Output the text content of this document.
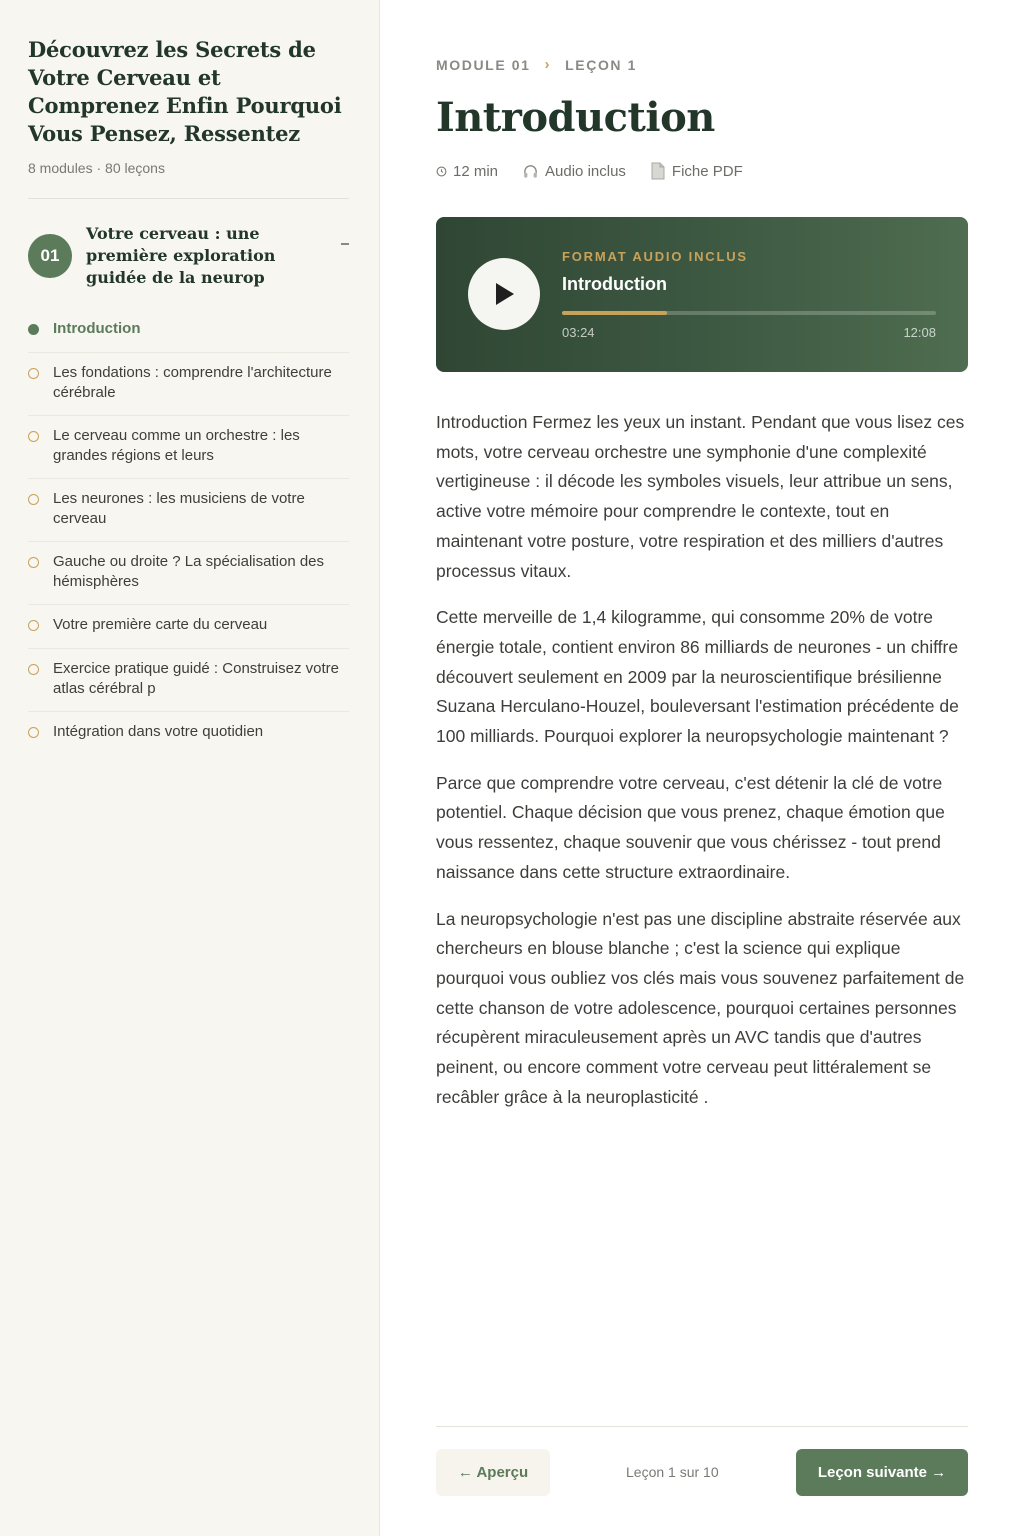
Découvrez les Secrets de Votre Cerveau et Comprenez Enfin Pourquoi Vous Pensez, Ressentez
8 modules · 80 leçons
01
Votre cerveau : une première exploration guidée de la neurop
Introduction
Les fondations : comprendre l'architecture cérébrale
Le cerveau comme un orchestre : les grandes régions et leurs
Les neurones : les musiciens de votre cerveau
Gauche ou droite ? La spécialisation des hémisphères
Votre première carte du cerveau
Exercice pratique guidé : Construisez votre atlas cérébral p
Intégration dans votre quotidien
MODULE 01 › LEÇON 1
Introduction
12 min	Audio inclus	Fiche PDF
FORMAT AUDIO INCLUS
Introduction
03:24	12:08

Introduction Fermez les yeux un instant. Pendant que vous lisez ces mots, votre cerveau orchestre une symphonie d'une complexité vertigineuse : il décode les symboles visuels, leur attribue un sens, active votre mémoire pour comprendre le contexte, tout en maintenant votre posture, votre respiration et des milliers d'autres processus vitaux.

Cette merveille de 1,4 kilogramme, qui consomme 20% de votre énergie totale, contient environ 86 milliards de neurones - un chiffre découvert seulement en 2009 par la neuroscientifique brésilienne Suzana Herculano-Houzel, bouleversant l'estimation précédente de 100 milliards. Pourquoi explorer la neuropsychologie maintenant ?

Parce que comprendre votre cerveau, c'est détenir la clé de votre potentiel. Chaque décision que vous prenez, chaque émotion que vous ressentez, chaque souvenir que vous chérissez - tout prend naissance dans cette structure extraordinaire.

La neuropsychologie n'est pas une discipline abstraite réservée aux chercheurs en blouse blanche ; c'est la science qui explique pourquoi vous oubliez vos clés mais vous souvenez parfaitement de cette chanson de votre adolescence, pourquoi certaines personnes récupèrent miraculeusement après un AVC tandis que d'autres peinent, ou encore comment votre cerveau peut littéralement se recâbler grâce à la neuroplasticité .

← Aperçu	Leçon 1 sur 10	Leçon suivante →
